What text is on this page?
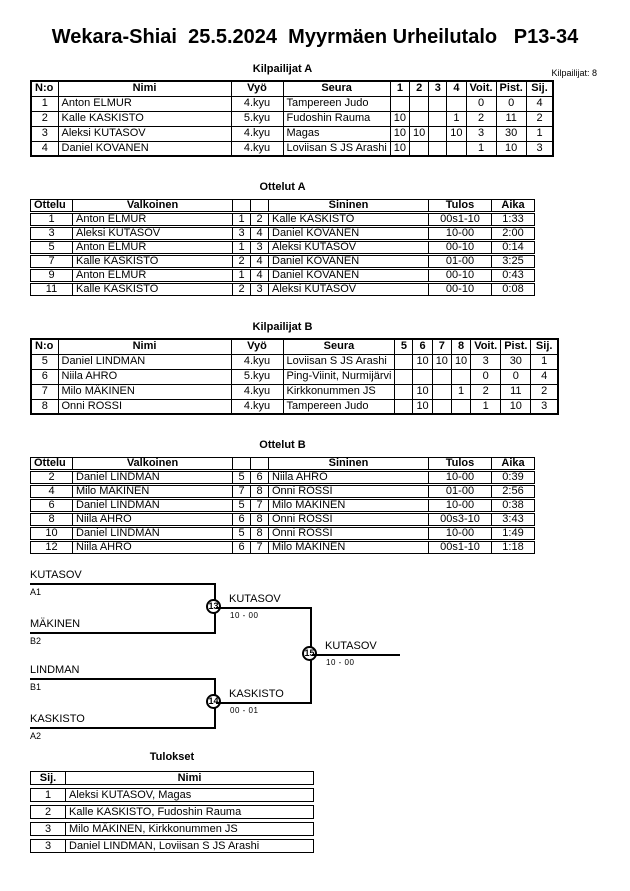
Wekara-Shiai  25.5.2024  Myyrmäen Urheilutalo   P13-34
Kilpailijat: 8
Kilpailijat A
N:o	Nimi	Vyö	Seura	1	2	3	4	Voit.	Pist.	Sij.
1	Anton ELMUR	4.kyu	Tampereen Judo					0	0	4
2	Kalle KASKISTO	5.kyu	Fudoshin Rauma	10			1	2	11	2
3	Aleksi KUTASOV	4.kyu	Magas	10	10		10	3	30	1
4	Daniel KOVANEN	4.kyu	Loviisan S JS Arashi	10				1	10	3
Ottelut A
Ottelu	Valkoinen			Sininen	Tulos	Aika
1	Anton ELMUR	1	2	Kalle KASKISTO	00s1-10	1:33
3	Aleksi KUTASOV	3	4	Daniel KOVANEN	10-00	2:00
5	Anton ELMUR	1	3	Aleksi KUTASOV	00-10	0:14
7	Kalle KASKISTO	2	4	Daniel KOVANEN	01-00	3:25
9	Anton ELMUR	1	4	Daniel KOVANEN	00-10	0:43
11	Kalle KASKISTO	2	3	Aleksi KUTASOV	00-10	0:08
Kilpailijat B
N:o	Nimi	Vyö	Seura	5	6	7	8	Voit.	Pist.	Sij.
5	Daniel LINDMAN	4.kyu	Loviisan S JS Arashi		10	10	10	3	30	1
6	Niila AHRO	5.kyu	Ping-Viinit, Nurmijärvi					0	0	4
7	Milo MÄKINEN	4.kyu	Kirkkonummen JS		10		1	2	11	2
8	Onni ROSSI	4.kyu	Tampereen Judo		10			1	10	3
Ottelut B
Ottelu	Valkoinen			Sininen	Tulos	Aika
2	Daniel LINDMAN	5	6	Niila AHRO	10-00	0:39
4	Milo MÄKINEN	7	8	Onni ROSSI	01-00	2:56
6	Daniel LINDMAN	5	7	Milo MÄKINEN	10-00	0:38
8	Niila AHRO	6	8	Onni ROSSI	00s3-10	3:43
10	Daniel LINDMAN	5	8	Onni ROSSI	10-00	1:49
12	Niila AHRO	6	7	Milo MÄKINEN	00s1-10	1:18
KUTASOV
A1
MÄKINEN
B2
13
KUTASOV
10 - 00
LINDMAN
B1
KASKISTO
A2
14
KASKISTO
00 - 01
15
KUTASOV
10 - 00
Tulokset
Sij.	Nimi
1	Aleksi KUTASOV, Magas
2	Kalle KASKISTO, Fudoshin Rauma
3	Milo MÄKINEN, Kirkkonummen JS
3	Daniel LINDMAN, Loviisan S JS Arashi
